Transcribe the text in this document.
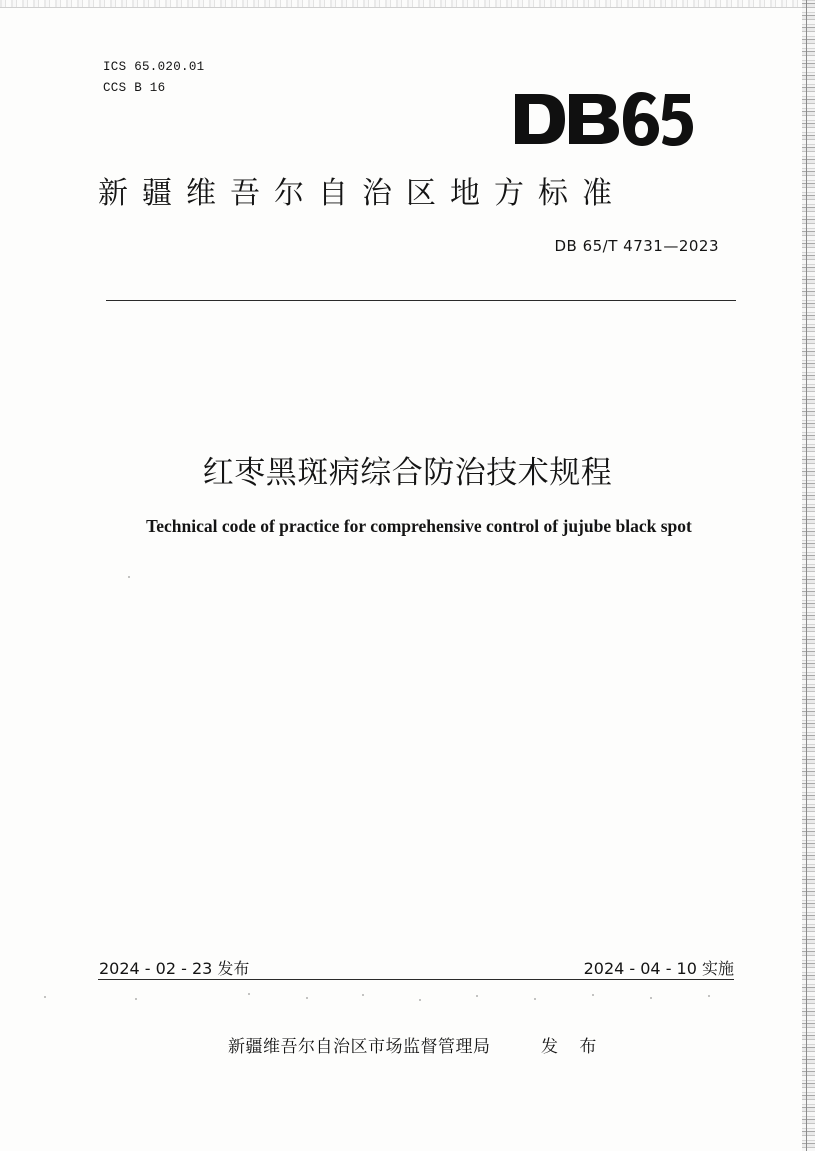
ICS 65.020.01
CCS B 16
新疆维吾尔自治区地方标准
DB 65/T 4731—2023
红枣黑斑病综合防治技术规程
Technical code of practice for comprehensive control of jujube black spot
2024 - 02 - 23 发布	2024 - 04 - 10 实施
新疆维吾尔自治区市场监督管理局	发 布
